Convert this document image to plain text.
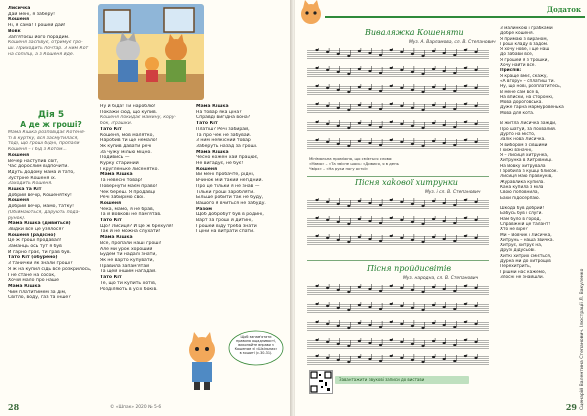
Лисичка
Дай мені, я заберу!
Кошеня
Ні, я сама! Грошей дай!
Вовк
Зап'ятоєш його порадим.
Кошеня заспівує, отримує гро-
ші. Приходить почтар. З ним Кот
на сопілці, а з Кошеня йде.
Дія 5
А де ж гроші?
Мама Кішка розповідає Котеня-
ті в куртку, вся засмутилася,
тоді, що гроші бідні, пропали
Кошеня – і бід з Котом...
Кошеня
Вечер наступив світ,
Час дорослим відпочити.
Йдуть додому мама й тато,
Зустріне Кошеня їх.
Заходить Кошеня.
Кішка та Кіт
Добрий вечір, Кошенятку!
Кошеня
Добрий вечір, мамо, татку!
(Обіймаються, дарують пода-
рунок).
Мама Кішка (дивиться)
Звідки все це узялося?
Кошеня (радісно)
Це ж гроші продавал!
Заманць ось тут я був
Й гарно грає, ти грав був.
Тато Кіт (обурено)
З танички як знали гроші?
Я ж на купил сідь все розкрилось,
І не стане на сосок,
Хочій мало про наше
Мама Кішка
Чим платитимем за дім,
Світло, воду, газ та інше?
Ну й біда! Ти нароблю!
Покажи сюд, що купив.
Кошеня покидає мамину, кору-
бок, іграшки.
Тато Кіт
Кошеня, мов малятко,
Наробив ти ще немало!
Як купив давати речі
За чужу мілью міцно.
Подивись —
Курку стариний
І кругленьке лисенятко.
Мама Кішка
Та невесні товар!
Повернути маєм право!
Чек береш. Я продавці
Речі забирімо свої.
Кошеня
Чека, мамо, я не брав,
Та й Вовкові не пам'ятав.
Тато Кіт
Що? Лисиця? Й Це ж брехуля!
Так й не можна слухати!
Мама Кішка
Все, пропали наші гроші!
Але ми урок хороший
Будем ти надалі знати,
Як не варто купувати,
Правила запам'ятай
Та щей іншим нагадай.
Тато Кіт
Те, що ти купить хотів,
Розділяють в усіх боків.
Мама Кішка
На товар яка ціна?
Справді вигідна вона?
Тато Кіт
Платіш? Речі забирай,
Та про чек не забувай.
З ним неякісний товар
Заберуть назад за гроші.
Мама Кішка
Чесно кожен хай працює,
Не вигадує, не бує!
Кошеня
Ви мені пробачте, рідні,
Вчинок мій такий негідний.
Про це тільки я не знав —
Тільки гроші заробляти.
Більше робити так не буду,
Вашого я вчиться не забуду.
Разом
Щоб добробут був в родині,
Варт за гроші й дитині,
Грошей віду треба знати
І ціни на витрати спати.
Щоб запам'ятати правила ощадливості, виконайте вправи з Кошеням зі «Шкільних» в зошиті (с.30-31).
28	© «Шпак» 2020 № 5-6
Додаток
Виваляжка Кошеняти
Муз. А. Варламова, сл. В. Степанович
Мінімальна проміжна, що сміється слова:
«Мамо» – «Та звісне шось: «Дивися, я в день
Чвірх» – «На руки ногу остої»
Пісня хаkової хитрунки
Муз. і сл. В. Степанович
Пісня пройдисвітів
Муз. народна, сл. В. Степанович
Завантажити звукові записи до вистави
З малинкою і грабками
Добре кошеня.
Я примаю з вираном,
Гроші кладу в задом.
Я хочу нове, і ще наш
До забави все,
Я грошей я з трошки,
Хочу найти все.
Приспів:
Я краще вміє, скажу,
«А вгору» – сплатиш ти.
Ну, що нові, розплатитесь,
В мене сам все в,
На вписки, на сторонкі,
Мова дороговська.
Дуже гарна мармуровенька
Мова для кота.

В житла Лисичка зажди,
Про шатуй, за похвалий.
Дурто на місто,
Залік нова Лисичка.
Я вибором з сівшими
І хижі взначні,
Я – Лисиця хитрунка,
Хитрунка в Хитрівниці.
На Вовку хитрувала
І зробила з кушці блисок.
Лисиця маю правнуків,
Журавлика купила.
Кана купила з міла
Свою поповнила,
Бахи підосерпаю.

Шкода був добрий!
Бабусь був і слуги.
Нам було в город,
Справжній це талант!
Хто не віре?
Ми – Вовчик і Лисичка,
Хитрунь – наша звичка.
Хитрує, хитрує на,
Друзі дідусьові.
Хиткі хитрих сміється,
Дурна ми до хитрощів
Перехитрить,
Грішми нас кажемо,
Злосні не знайшли.	Сценарій Валентина Степанович. Ілюстрації Л. Вакуленко
29
